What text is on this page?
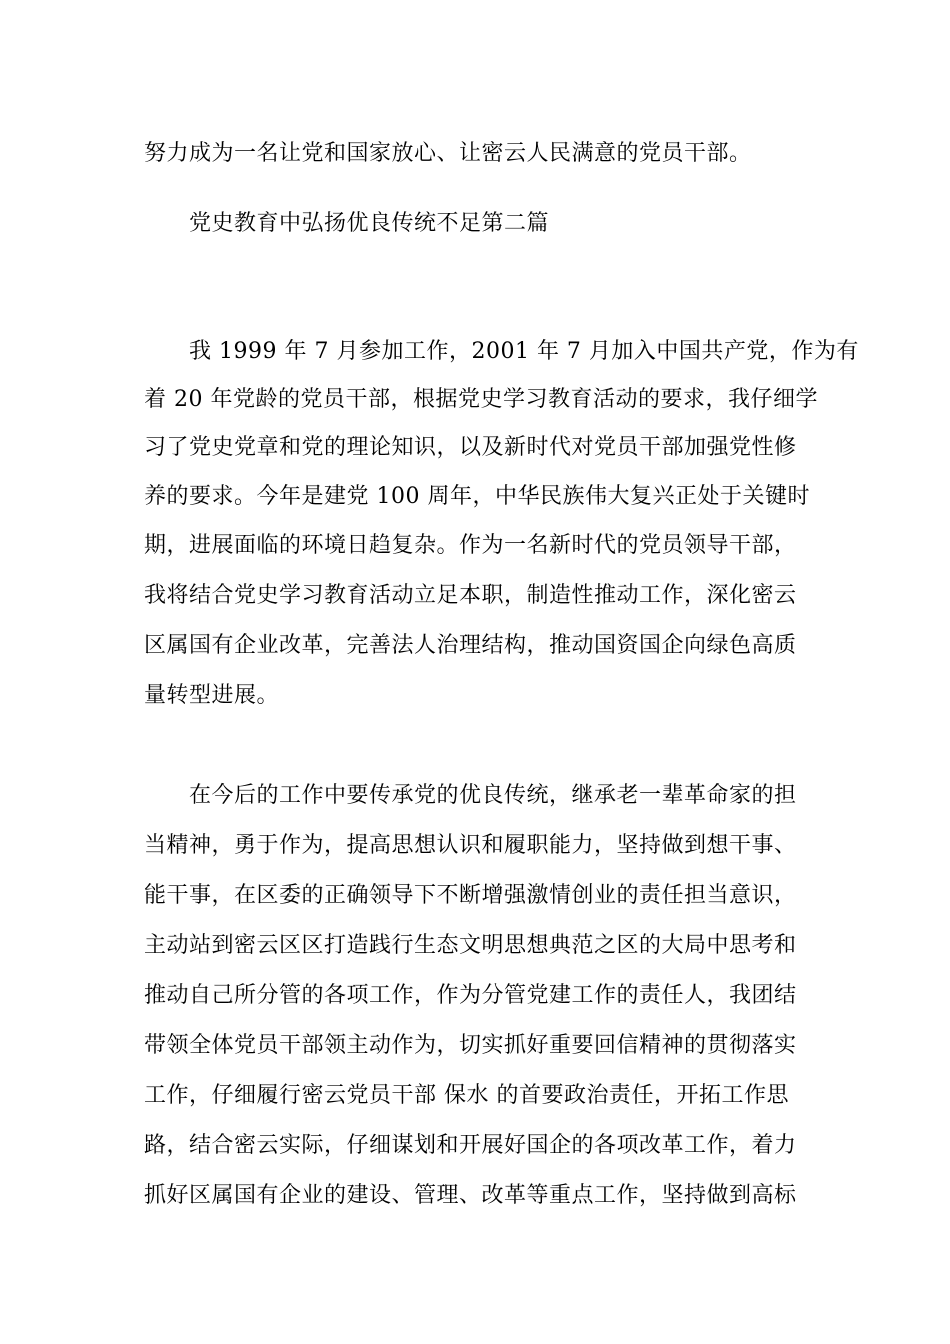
努力成为一名让党和国家放心、让密云人民满意的党员干部。
党史教育中弘扬优良传统不足第二篇
我 1999 年 7 月参加工作，2001 年 7 月加入中国共产党，作为有
着 20 年党龄的党员干部，根据党史学习教育活动的要求，我仔细学
习了党史党章和党的理论知识，以及新时代对党员干部加强党性修
养的要求。今年是建党 100 周年，中华民族伟大复兴正处于关键时
期，进展面临的环境日趋复杂。作为一名新时代的党员领导干部，
我将结合党史学习教育活动立足本职，制造性推动工作，深化密云
区属国有企业改革，完善法人治理结构，推动国资国企向绿色高质
量转型进展。
在今后的工作中要传承党的优良传统，继承老一辈革命家的担
当精神，勇于作为，提高思想认识和履职能力，坚持做到想干事、
能干事，在区委的正确领导下不断增强激情创业的责任担当意识，
主动站到密云区区打造践行生态文明思想典范之区的大局中思考和
推动自己所分管的各项工作，作为分管党建工作的责任人，我团结
带领全体党员干部领主动作为，切实抓好重要回信精神的贯彻落实
工作，仔细履行密云党员干部 保水 的首要政治责任，开拓工作思
路，结合密云实际，仔细谋划和开展好国企的各项改革工作，着力
抓好区属国有企业的建设、管理、改革等重点工作，坚持做到高标
